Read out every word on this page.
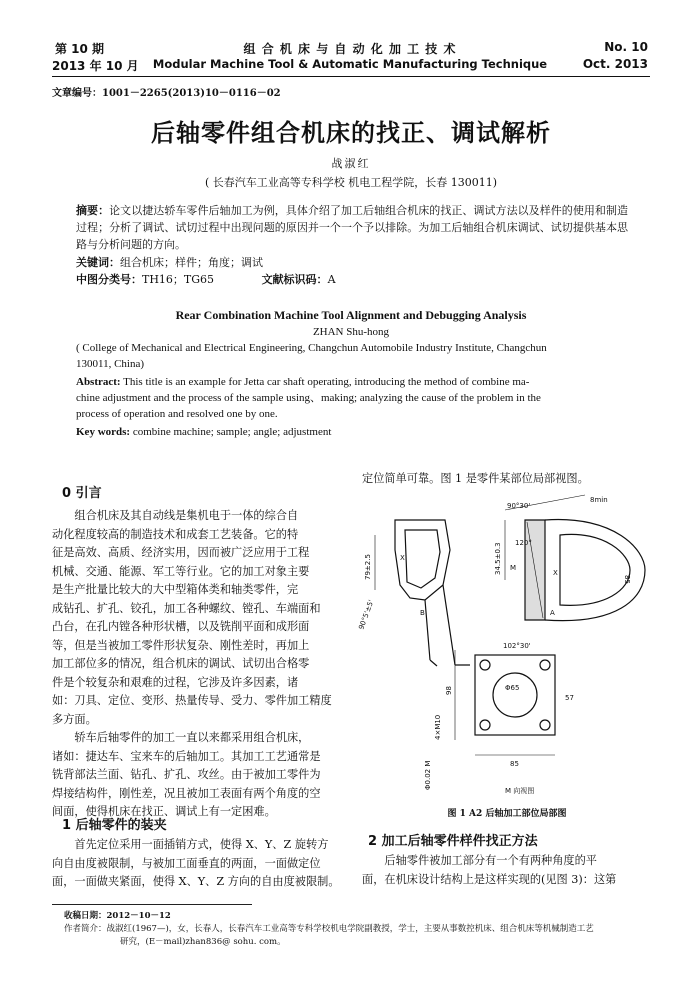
第 10 期
2013 年 10 月
组 合 机 床 与 自 动 化 加 工 技 术
Modular Machine Tool & Automatic Manufacturing Technique
No. 10
Oct. 2013
文章编号：1001－2265(2013)10－0116－02
后轴零件组合机床的找正、调试解析
战淑红
( 长春汽车工业高等专科学校 机电工程学院，长春 130011)
摘要：论文以捷达轿车零件后轴加工为例，具体介绍了加工后轴组合机床的找正、调试方法以及样件的使用和制造过程；分析了调试、试切过程中出现问题的原因并一个一个予以排除。为加工后轴组合机床调试、试切提供基本思路与分析问题的方向。
关键词：组合机床；样件；角度；调试
中图分类号：TH16；TG65	文献标识码：A
Rear Combination Machine Tool Alignment and Debugging Analysis
ZHAN Shu-hong
( College of Mechanical and Electrical Engineering, Changchun Automobile Industry Institute, Changchun
130011, China)
Abstract: This title is an example for Jetta car shaft operating, introducing the method of combine ma-
chine adjustment and the process of the sample using、making; analyzing the cause of the problem in the
process of operation and resolved one by one.
Key words: combine machine; sample; angle; adjustment
0 引言
组合机床及其自动线是集机电于一体的综合自
动化程度较高的制造技术和成套工艺装备。它的特
征是高效、高质、经济实用，因而被广泛应用于工程
机械、交通、能源、军工等行业。它的加工对象主要
是生产批量比较大的大中型箱体类和轴类零件，完
成钻孔、扩孔、铰孔，加工各种螺纹、镗孔、车端面和
凸台，在孔内镗各种形状槽，以及铣削平面和成形面
等，但是当被加工零件形状复杂、刚性差时，再加上
加工部位多的情况，组合机床的调试、试切出合格零
件是个较复杂和艰难的过程，它涉及许多因素，诸
如：刀具、定位、变形、热量传导、受力、零件加工精度
多方面。
轿车后轴零件的加工一直以来都采用组合机床，
诸如：捷达车、宝来车的后轴加工。其加工工艺通常是
铣背部法兰面、钻孔、扩孔、攻丝。由于被加工零件为
焊接结构件，刚性差，况且被加工表面有两个角度的空
间面，使得机床在找正、调试上有一定困难。
1 后轴零件的装夹
首先定位采用一面插销方式，使得 X、Y、Z 旋转方
向自由度被限制，与被加工面垂直的两面，一面做定位
面，一面做夹紧面，使得 X、Y、Z 方向的自由度被限制。
定位简单可靠。图 1 是零件某部位局部视图。
90°30'
8min
34.5±0.3 120°
79±2.5	85
90°5'±5'
X
X
M
B	A
102°30'
98	Φ65
57
85
4×M10
Φ0.02 M
M 向视图
图 1 A2 后轴加工部位局部图
2 加工后轴零件样件找正方法
后轴零件被加工部分有一个有两种角度的平
面，在机床设计结构上是这样实现的(见图 3)：这第
收稿日期：2012－10－12
作者简介：战淑红(1967—)，女，长春人，长春汽车工业高等专科学校机电学院副教授，学士，主要从事数控机床、组合机床等机械制造工艺
研究，(E－mail)zhan836@ sohu. com。
